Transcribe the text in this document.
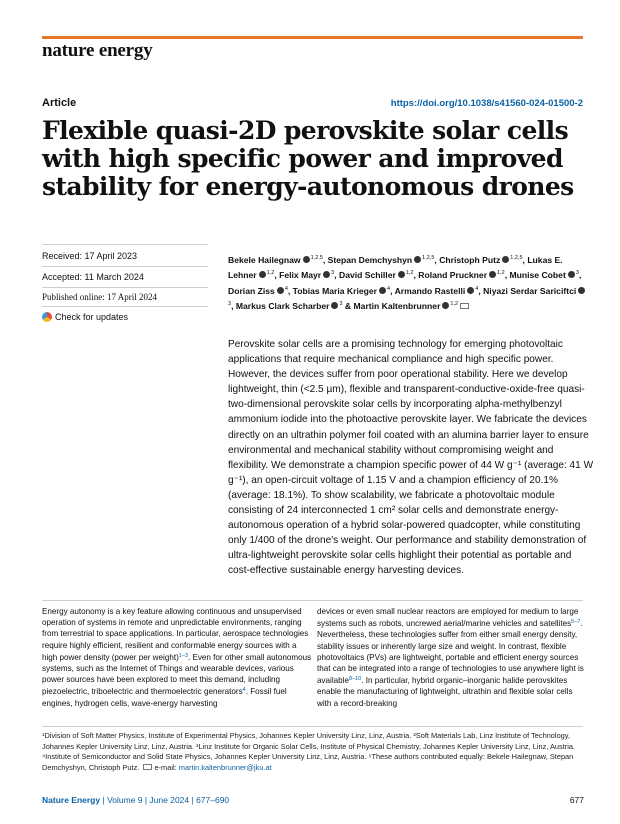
nature energy
Article	https://doi.org/10.1038/s41560-024-01500-2
Flexible quasi-2D perovskite solar cells with high specific power and improved stability for energy-autonomous drones
Received: 17 April 2023
Accepted: 11 March 2024
Published online: 17 April 2024
Check for updates
Bekele Hailegnaw $^{1,2,5}$, Stepan Demchyshyn $^{1,2,5}$, Christoph Putz $^{1,2,5}$, Lukas E. Lehner $^{1,2}$, Felix Mayr $^3$, David Schiller $^{1,2}$, Roland Pruckner $^{1,2}$, Munise Cobet $^3$, Dorian Ziss $^4$, Tobias Maria Krieger $^4$, Armando Rastelli $^4$, Niyazi Serdar Sariciftci$^3$, Markus Clark Scharber $^3$ & Martin Kaltenbrunner $^{1,2}$

Perovskite solar cells are a promising technology for emerging photovoltaic applications that require mechanical compliance and high specific power. However, the devices suffer from poor operational stability. Here we develop lightweight, thin (<2.5 µm), flexible and transparent-conductive-oxide-free quasi-two-dimensional perovskite solar cells by incorporating alpha-methylbenzyl ammonium iodide into the photoactive perovskite layer. We fabricate the devices directly on an ultrathin polymer foil coated with an alumina barrier layer to ensure environmental and mechanical stability without compromising weight and flexibility. We demonstrate a champion specific power of 44 W g⁻¹ (average: 41 W g⁻¹), an open-circuit voltage of 1.15 V and a champion efficiency of 20.1% (average: 18.1%). To show scalability, we fabricate a photovoltaic module consisting of 24 interconnected 1 cm² solar cells and demonstrate energy-autonomous operation of a hybrid solar-powered quadcopter, while constituting only 1/400 of the drone's weight. Our performance and stability demonstration of ultra-lightweight perovskite solar cells highlight their potential as portable and cost-effective sustainable energy harvesting devices.

Energy autonomy is a key feature allowing continuous and unsupervised operation of systems in remote and unpredictable environments, ranging from terrestrial to space applications. In particular, aerospace technologies require highly efficient, resilient and conformable energy sources with a high power density (power per weight)$^{1-3}$. Even for other small autonomous systems, such as the Internet of Things and wearable devices, various power sources have been explored to meet this demand, including piezoelectric, triboelectric and thermoelectric generators$^4$. Fossil fuel engines, hydrogen cells, wave-energy harvesting
devices or even small nuclear reactors are employed for medium to large systems such as robots, uncrewed aerial/marine vehicles and satellites$^{5-7}$. Nevertheless, these technologies suffer from either small energy density, stability issues or inherently large size and weight. In contrast, flexible photovoltaics (PVs) are lightweight, portable and efficient energy sources that can be integrated into a range of technologies to use anywhere light is available$^{8-10}$. In particular, hybrid organic–inorganic halide perovskites enable the manufacturing of lightweight, ultrathin and flexible solar cells with a record-breaking
¹Division of Soft Matter Physics, Institute of Experimental Physics, Johannes Kepler University Linz, Linz, Austria. ²Soft Materials Lab, Linz Institute of Technology, Johannes Kepler University Linz, Linz, Austria. ³Linz Institute for Organic Solar Cells, Institute of Physical Chemistry, Johannes Kepler University Linz, Linz, Austria. ⁴Institute of Semiconductor and Solid State Physics, Johannes Kepler University Linz, Linz, Austria. ⁵These authors contributed equally: Bekele Hailegnaw, Stepan Demchyshyn, Christoph Putz. e-mail: martin.kaltenbrunner@jku.at
Nature Energy | Volume 9 | June 2024 | 677–690	677
